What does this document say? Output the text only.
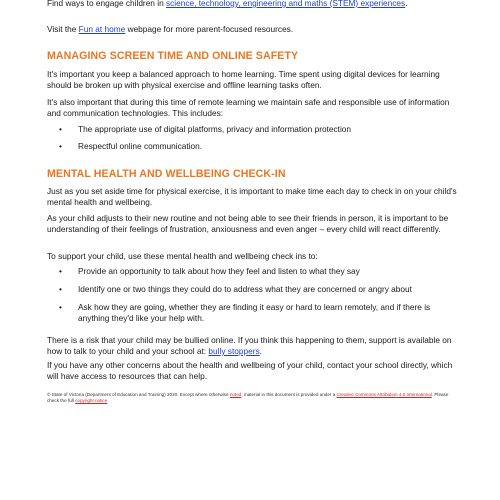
Find ways to engage children in science, technology, engineering and maths (STEM) experiences.

Visit the Fun at home webpage for more parent-focused resources.

MANAGING SCREEN TIME AND ONLINE SAFETY

It's important you keep a balanced approach to home learning. Time spent using digital devices for learning should be broken up with physical exercise and offline learning tasks often.

It's also important that during this time of remote learning we maintain safe and responsible use of information and communication technologies. This includes:

• The appropriate use of digital platforms, privacy and information protection
• Respectful online communication.
MENTAL HEALTH AND WELLBEING CHECK-IN

Just as you set aside time for physical exercise, it is important to make time each day to check in on your child's mental health and wellbeing.

As your child adjusts to their new routine and not being able to see their friends in person, it is important to be understanding of their feelings of frustration, anxiousness and even anger – every child will react differently.

To support your child, use these mental health and wellbeing check ins to:

• Provide an opportunity to talk about how they feel and listen to what they say
• Identify one or two things they could do to address what they are concerned or angry about
• Ask how they are going, whether they are finding it easy or hard to learn remotely, and if there is anything they'd like your help with.

There is a risk that your child may be bullied online. If you think this happening to them, support is available on how to talk to your child and your school at: bully stoppers.

If you have any other concerns about the health and wellbeing of your child, contact your school directly, which will have access to resources that can help.

© State of Victoria (Department of Education and Training) 2020. Except where otherwise noted, material in this document is provided under a Creative Commons Attribution 4.0 International. Please check the full copyright notice
